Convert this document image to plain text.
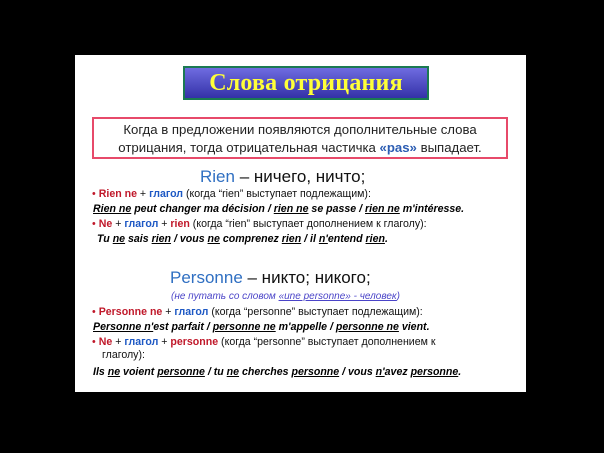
Слова отрицания
Когда в предложении появляются дополнительные слова
отрицания, тогда отрицательная частичка «pas» выпадает.
Rien – ничего, ничто;
• Rien ne + глагол (когда “rien” выступает подлежащим):
Rien ne peut changer ma décision / rien ne se passe / rien ne m'intéresse.
• Ne + глагол + rien (когда “rien” выступает дополнением к глаголу):
Tu ne sais rien / vous ne comprenez rien / il n'entend rien.
Personne – никто; никого;
(не путать со словом «une personne» - человек)
• Personne ne + глагол (когда “personne” выступает подлежащим):
Personne n'est parfait / personne ne m'appelle / personne ne vient.
• Ne + глагол + personne (когда “personne” выступает дополнением к
глаголу):
Ils ne voient personne / tu ne cherches personne / vous n'avez personne.
